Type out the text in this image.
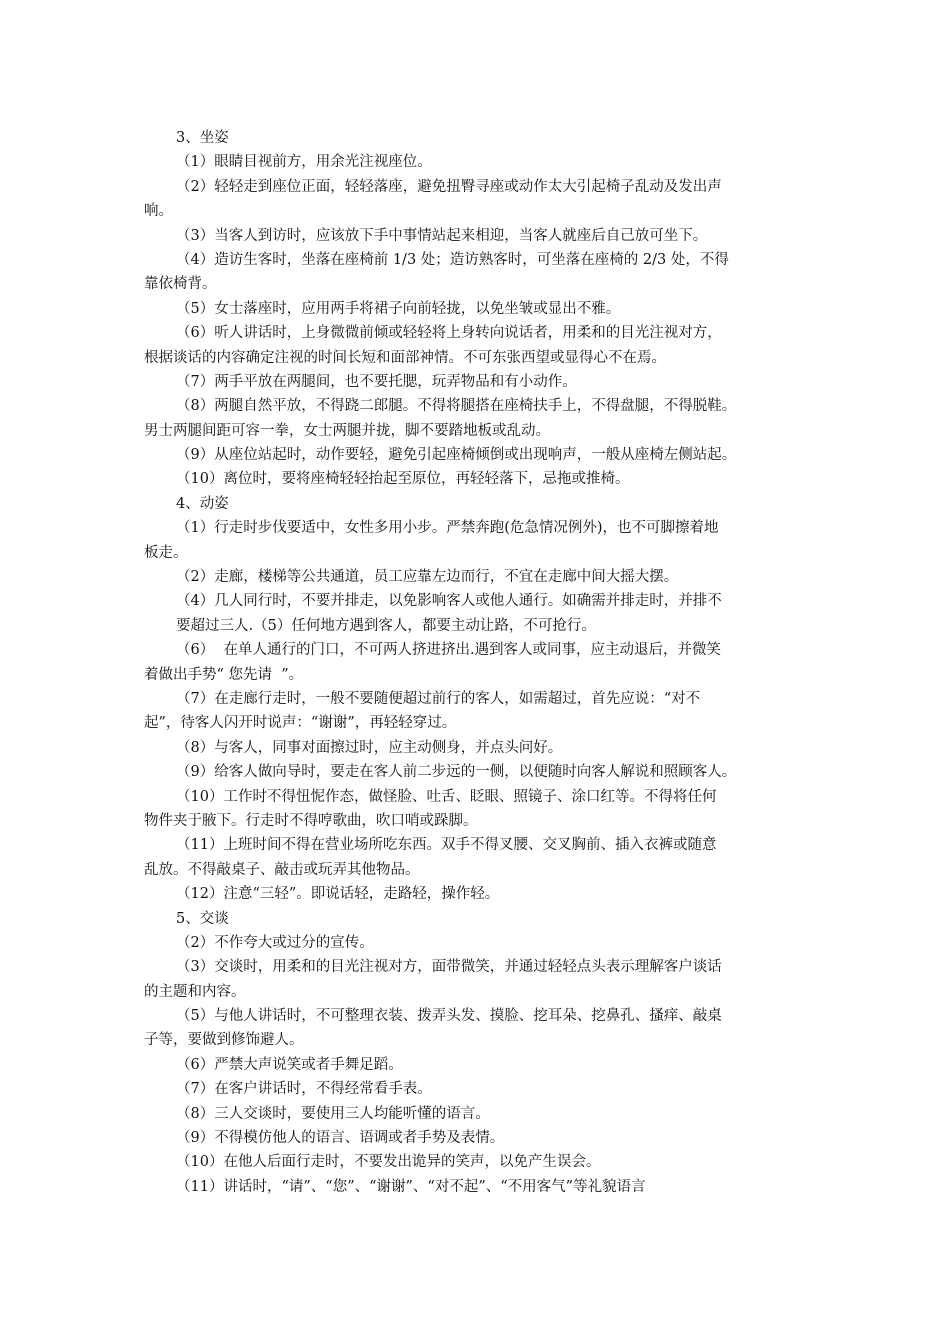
3、坐姿
（1）眼睛目视前方，用余光注视座位。
（2）轻轻走到座位正面，轻轻落座，避免扭臀寻座或动作太大引起椅子乱动及发出声
响。
（3）当客人到访时，应该放下手中事情站起来相迎，当客人就座后自己放可坐下。
（4）造访生客时，坐落在座椅前 1/3 处；造访熟客时，可坐落在座椅的 2/3 处，不得
靠依椅背。
（5）女士落座时，应用两手将裙子向前轻拢，以免坐皱或显出不雅。
（6）听人讲话时，上身微微前倾或轻轻将上身转向说话者，用柔和的目光注视对方，
根据谈话的内容确定注视的时间长短和面部神情。不可东张西望或显得心不在焉。
（7）两手平放在两腿间，也不要托腮，玩弄物品和有小动作。
（8）两腿自然平放，不得跷二郎腿。不得将腿搭在座椅扶手上，不得盘腿，不得脱鞋。
男士两腿间距可容一拳，女士两腿并拢，脚不要踏地板或乱动。
（9）从座位站起时，动作要轻，避免引起座椅倾倒或出现响声，一般从座椅左侧站起。
（10）离位时，要将座椅轻轻抬起至原位，再轻轻落下，忌拖或推椅。
4、动姿
（1）行走时步伐要适中，女性多用小步。严禁奔跑(危急情况例外)，也不可脚擦着地
板走。
（2）走廊，楼梯等公共通道，员工应靠左边而行，不宜在走廊中间大摇大摆。
（4）几人同行时，不要并排走，以免影响客人或他人通行。如确需并排走时，并排不
要超过三人.（5）任何地方遇到客人，都要主动让路，不可抢行。
（6）  在单人通行的门口，不可两人挤进挤出.遇到客人或同事，应主动退后，并微笑
着做出手势“ 您先请  ”。
（7）在走廊行走时，一般不要随便超过前行的客人，如需超过，首先应说：“对不
起”，待客人闪开时说声：“谢谢”，再轻轻穿过。
（8）与客人，同事对面擦过时，应主动侧身，并点头问好。
（9）给客人做向导时，要走在客人前二步远的一侧，以便随时向客人解说和照顾客人。
（10）工作时不得忸怩作态，做怪脸、吐舌、眨眼、照镜子、涂口红等。不得将任何
物件夹于腋下。行走时不得哼歌曲，吹口哨或跺脚。
（11）上班时间不得在营业场所吃东西。双手不得叉腰、交叉胸前、插入衣裤或随意
乱放。不得敲桌子、敲击或玩弄其他物品。
（12）注意“三轻”。即说话轻，走路轻，操作轻。
5、交谈
（2）不作夸大或过分的宣传。
（3）交谈时，用柔和的目光注视对方，面带微笑，并通过轻轻点头表示理解客户谈话
的主题和内容。
（5）与他人讲话时，不可整理衣装、拨弄头发、摸脸、挖耳朵、挖鼻孔、搔痒、敲桌
子等，要做到修饰避人。
（6）严禁大声说笑或者手舞足蹈。
（7）在客户讲话时，不得经常看手表。
（8）三人交谈时，要使用三人均能听懂的语言。
（9）不得模仿他人的语言、语调或者手势及表情。
（10）在他人后面行走时，不要发出诡异的笑声，以免产生误会。
（11）讲话时，“请”、“您”、“谢谢”、“对不起”、“不用客气”等礼貌语言
